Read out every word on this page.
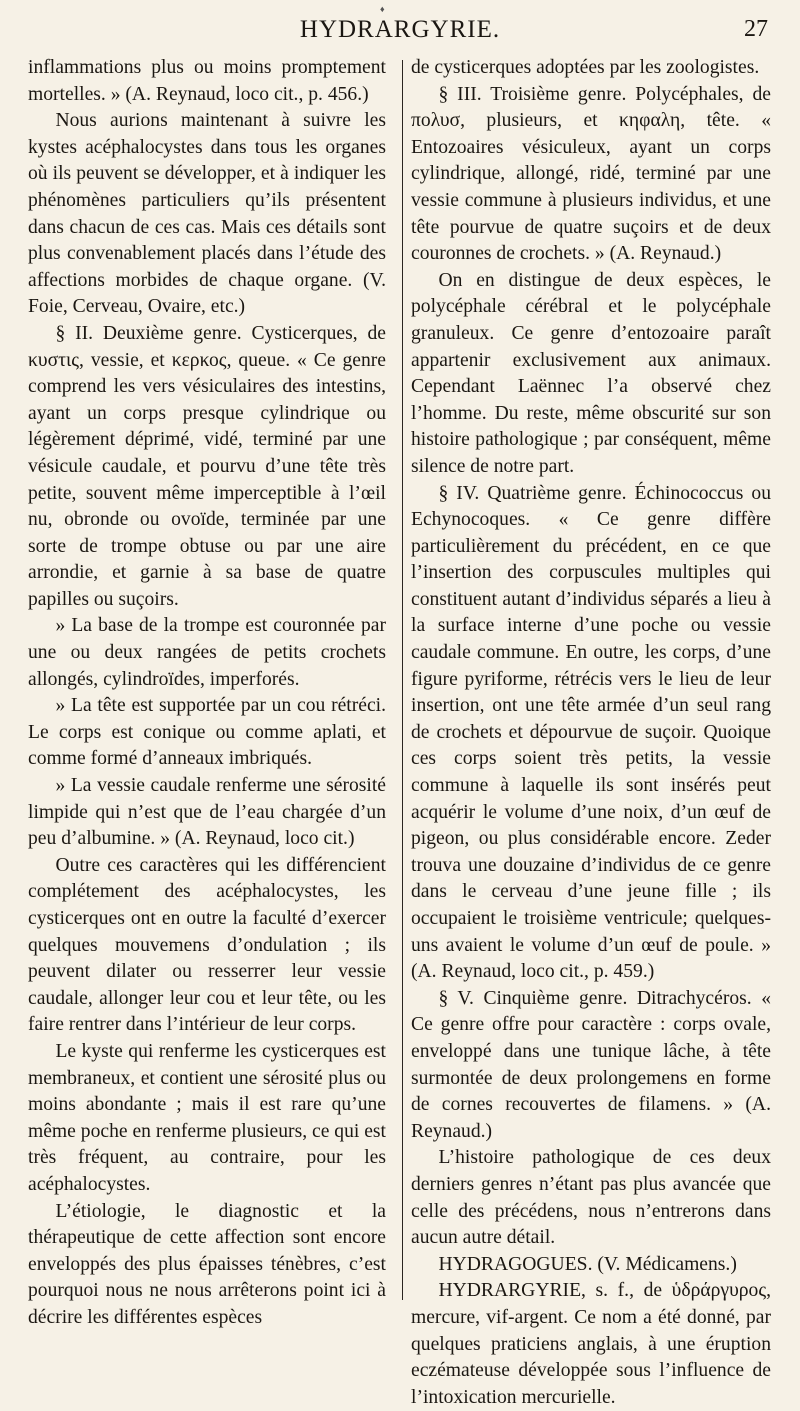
♦
HYDRARGYRIE.	27

inflammations plus ou moins promptement mortelles. » (A. Reynaud, loco cit., p. 456.)

Nous aurions maintenant à suivre les kystes acéphalocystes dans tous les organes où ils peuvent se développer, et à indiquer les phénomènes particuliers qu’ils présentent dans chacun de ces cas. Mais ces détails sont plus convenablement placés dans l’étude des affections morbides de chaque organe. (V. Foie, Cerveau, Ovaire, etc.)

§ II. Deuxième genre. Cysticerques, de κυστις, vessie, et κερκος, queue. « Ce genre comprend les vers vésiculaires des intestins, ayant un corps presque cylindrique ou légèrement déprimé, vidé, terminé par une vésicule caudale, et pourvu d’une tête très petite, souvent même imperceptible à l’œil nu, obronde ou ovoïde, terminée par une sorte de trompe obtuse ou par une aire arrondie, et garnie à sa base de quatre papilles ou suçoirs.

» La base de la trompe est couronnée par une ou deux rangées de petits crochets allongés, cylindroïdes, imperforés.

» La tête est supportée par un cou rétréci. Le corps est conique ou comme aplati, et comme formé d’anneaux imbriqués.

» La vessie caudale renferme une sérosité limpide qui n’est que de l’eau chargée d’un peu d’albumine. » (A. Reynaud, loco cit.)

Outre ces caractères qui les différencient complétement des acéphalocystes, les cysticerques ont en outre la faculté d’exercer quelques mouvemens d’ondulation ; ils peuvent dilater ou resserrer leur vessie caudale, allonger leur cou et leur tête, ou les faire rentrer dans l’intérieur de leur corps.

Le kyste qui renferme les cysticerques est membraneux, et contient une sérosité plus ou moins abondante ; mais il est rare qu’une même poche en renferme plusieurs, ce qui est très fréquent, au contraire, pour les acéphalocystes.

L’étiologie, le diagnostic et la thérapeutique de cette affection sont encore enveloppés des plus épaisses ténèbres, c’est pourquoi nous ne nous arrêterons point ici à décrire les différentes espèces

de cysticerques adoptées par les zoologistes.

§ III. Troisième genre. Polycéphales, de πολυσ, plusieurs, et κηφαλη, tête. « Entozoaires vésiculeux, ayant un corps cylindrique, allongé, ridé, terminé par une vessie commune à plusieurs individus, et une tête pourvue de quatre suçoirs et de deux couronnes de crochets. » (A. Reynaud.)

On en distingue de deux espèces, le polycéphale cérébral et le polycéphale granuleux. Ce genre d’entozoaire paraît appartenir exclusivement aux animaux. Cependant Laënnec l’a observé chez l’homme. Du reste, même obscurité sur son histoire pathologique ; par conséquent, même silence de notre part.

§ IV. Quatrième genre. Échinococcus ou Echynocoques. « Ce genre diffère particulièrement du précédent, en ce que l’insertion des corpuscules multiples qui constituent autant d’individus séparés a lieu à la surface interne d’une poche ou vessie caudale commune. En outre, les corps, d’une figure pyriforme, rétrécis vers le lieu de leur insertion, ont une tête armée d’un seul rang de crochets et dépourvue de suçoir. Quoique ces corps soient très petits, la vessie commune à laquelle ils sont insérés peut acquérir le volume d’une noix, d’un œuf de pigeon, ou plus considérable encore. Zeder trouva une douzaine d’individus de ce genre dans le cerveau d’une jeune fille ; ils occupaient le troisième ventricule; quelques-uns avaient le volume d’un œuf de poule. » (A. Reynaud, loco cit., p. 459.)

§ V. Cinquième genre. Ditrachycéros. « Ce genre offre pour caractère : corps ovale, enveloppé dans une tunique lâche, à tête surmontée de deux prolongemens en forme de cornes recouvertes de filamens. » (A. Reynaud.)

L’histoire pathologique de ces deux derniers genres n’étant pas plus avancée que celle des précédens, nous n’entrerons dans aucun autre détail.

HYDRAGOGUES. (V. Médicamens.)

HYDRARGYRIE, s. f., de ὑδράργυρος, mercure, vif-argent. Ce nom a été donné, par quelques praticiens anglais, à une éruption eczémateuse développée sous l’influence de l’intoxication mercurielle.
